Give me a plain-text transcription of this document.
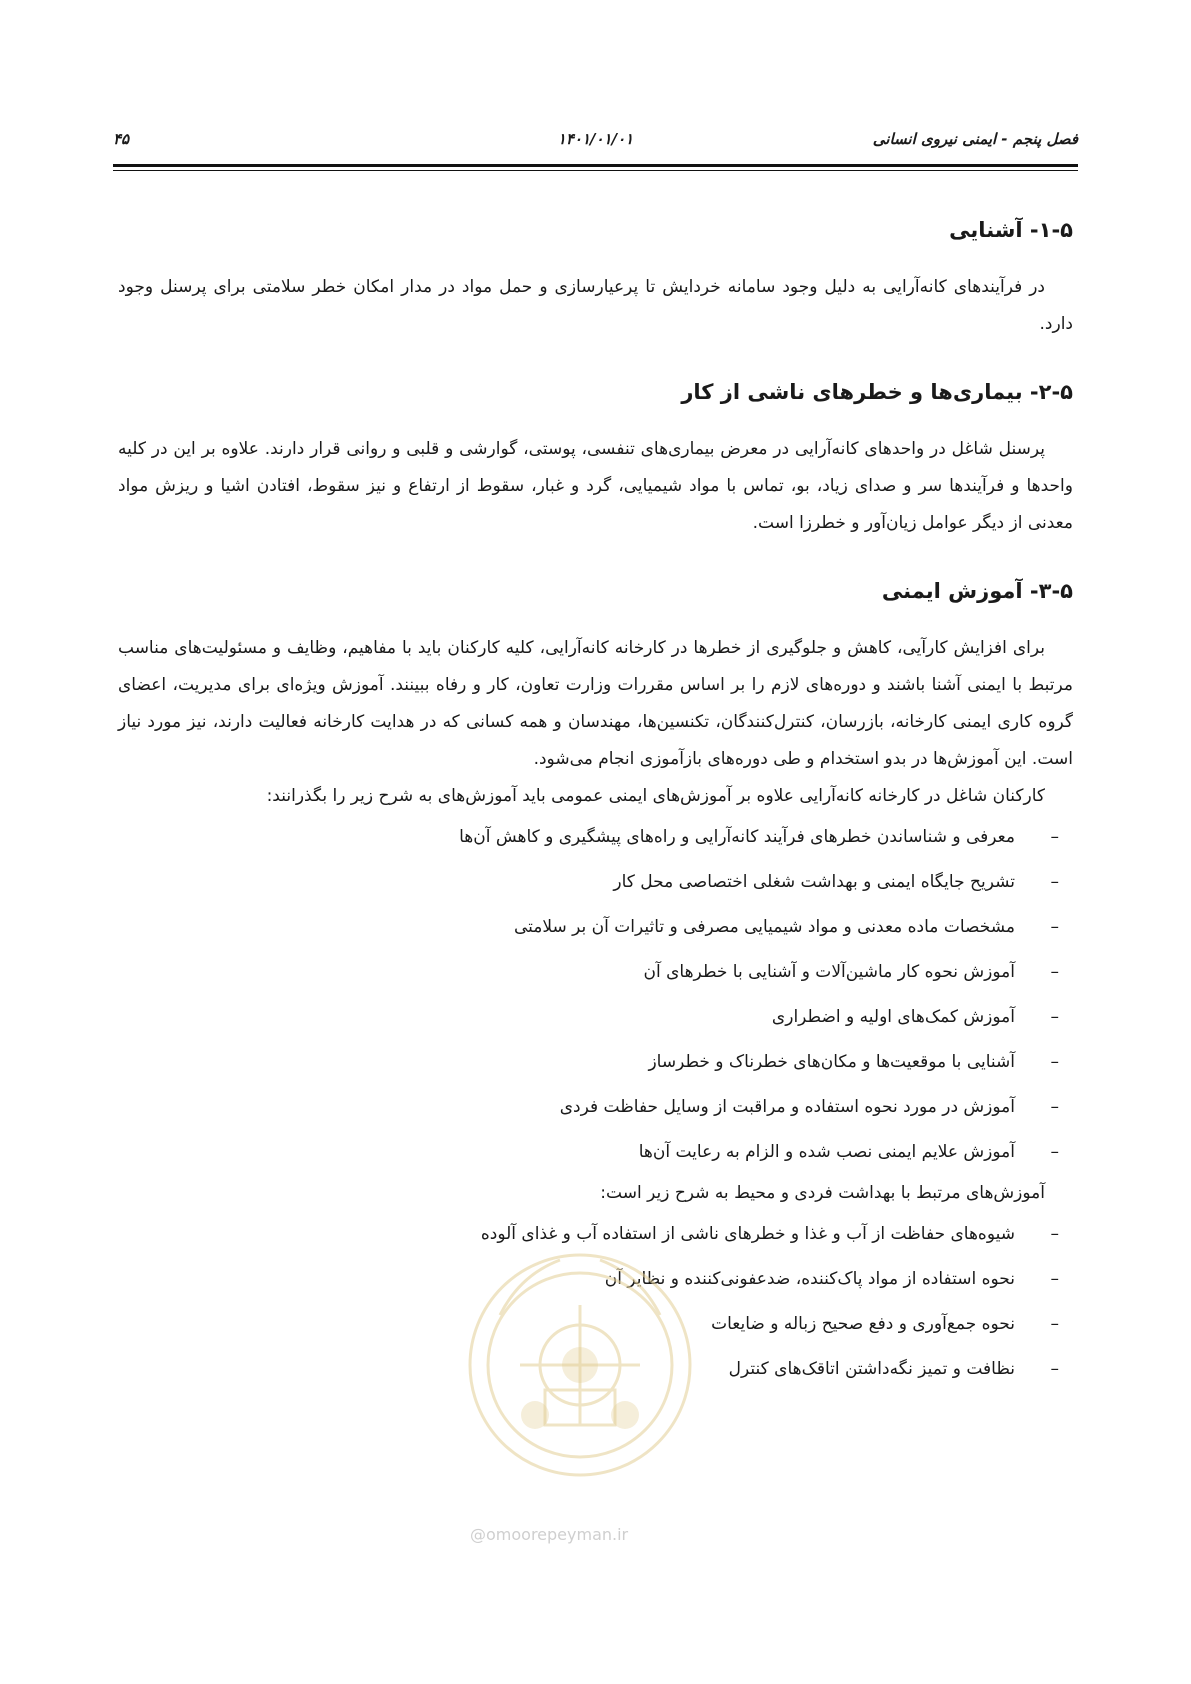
فصل پنجم - ایمنی نیروی انسانی
۱۴۰۱/۰۱/۰۱
۴۵
۱-۵- آشنایی

در فرآیندهای کانه‌آرایی به دلیل وجود سامانه خردایش تا پرعیارسازی و حمل مواد در مدار امکان خطر سلامتی برای پرسنل وجود دارد.

۲-۵- بیماری‌ها و خطرهای ناشی از کار

پرسنل شاغل در واحدهای کانه‌آرایی در معرض بیماری‌های تنفسی، پوستی، گوارشی و قلبی و روانی قرار دارند. علاوه بر این در کلیه واحدها و فرآیندها سر و صدای زیاد، بو، تماس با مواد شیمیایی، گرد و غبار، سقوط از ارتفاع و نیز سقوط، افتادن اشیا و ریزش مواد معدنی از دیگر عوامل زیان‌آور و خطرزا است.

۳-۵- آموزش ایمنی

برای افزایش کارآیی، کاهش و جلوگیری از خطرها در کارخانه کانه‌آرایی، کلیه کارکنان باید با مفاهیم، وظایف و مسئولیت‌های مناسب مرتبط با ایمنی آشنا باشند و دوره‌های لازم را بر اساس مقررات وزارت تعاون، کار و رفاه ببینند. آموزش ویژه‌ای برای مدیریت، اعضای گروه کاری ایمنی کارخانه، بازرسان، کنترل‌کنندگان، تکنسین‌ها، مهندسان و همه کسانی که در هدایت کارخانه فعالیت دارند، نیز مورد نیاز است. این آموزش‌ها در بدو استخدام و طی دوره‌های بازآموزی انجام می‌شود.

کارکنان شاغل در کارخانه کانه‌آرایی علاوه بر آموزش‌های ایمنی عمومی باید آموزش‌های به شرح زیر را بگذرانند:

–
معرفی و شناساندن خطرهای فرآیند کانه‌آرایی و راه‌های پیشگیری و کاهش آن‌ها
–
تشریح جایگاه ایمنی و بهداشت شغلی اختصاصی محل کار
–
مشخصات ماده معدنی و مواد شیمیایی مصرفی و تاثیرات آن بر سلامتی
–
آموزش نحوه کار ماشین‌آلات و آشنایی با خطرهای آن
–
آموزش کمک‌های اولیه و اضطراری
–
آشنایی با موقعیت‌ها و مکان‌های خطرناک و خطرساز
–
آموزش در مورد نحوه استفاده و مراقبت از وسایل حفاظت فردی
–
آموزش علایم ایمنی نصب شده و الزام به رعایت آن‌ها

آموزش‌های مرتبط با بهداشت فردی و محیط به شرح زیر است:

–
شیوه‌های حفاظت از آب و غذا و خطرهای ناشی از استفاده آب و غذای آلوده
–
نحوه استفاده از مواد پاک‌کننده، ضدعفونی‌کننده و نظایر آن
–
نحوه جمع‌آوری و دفع صحیح زباله و ضایعات
–
نظافت و تمیز نگه‌داشتن اتاقک‌های کنترل
@omoorepeyman.ir
